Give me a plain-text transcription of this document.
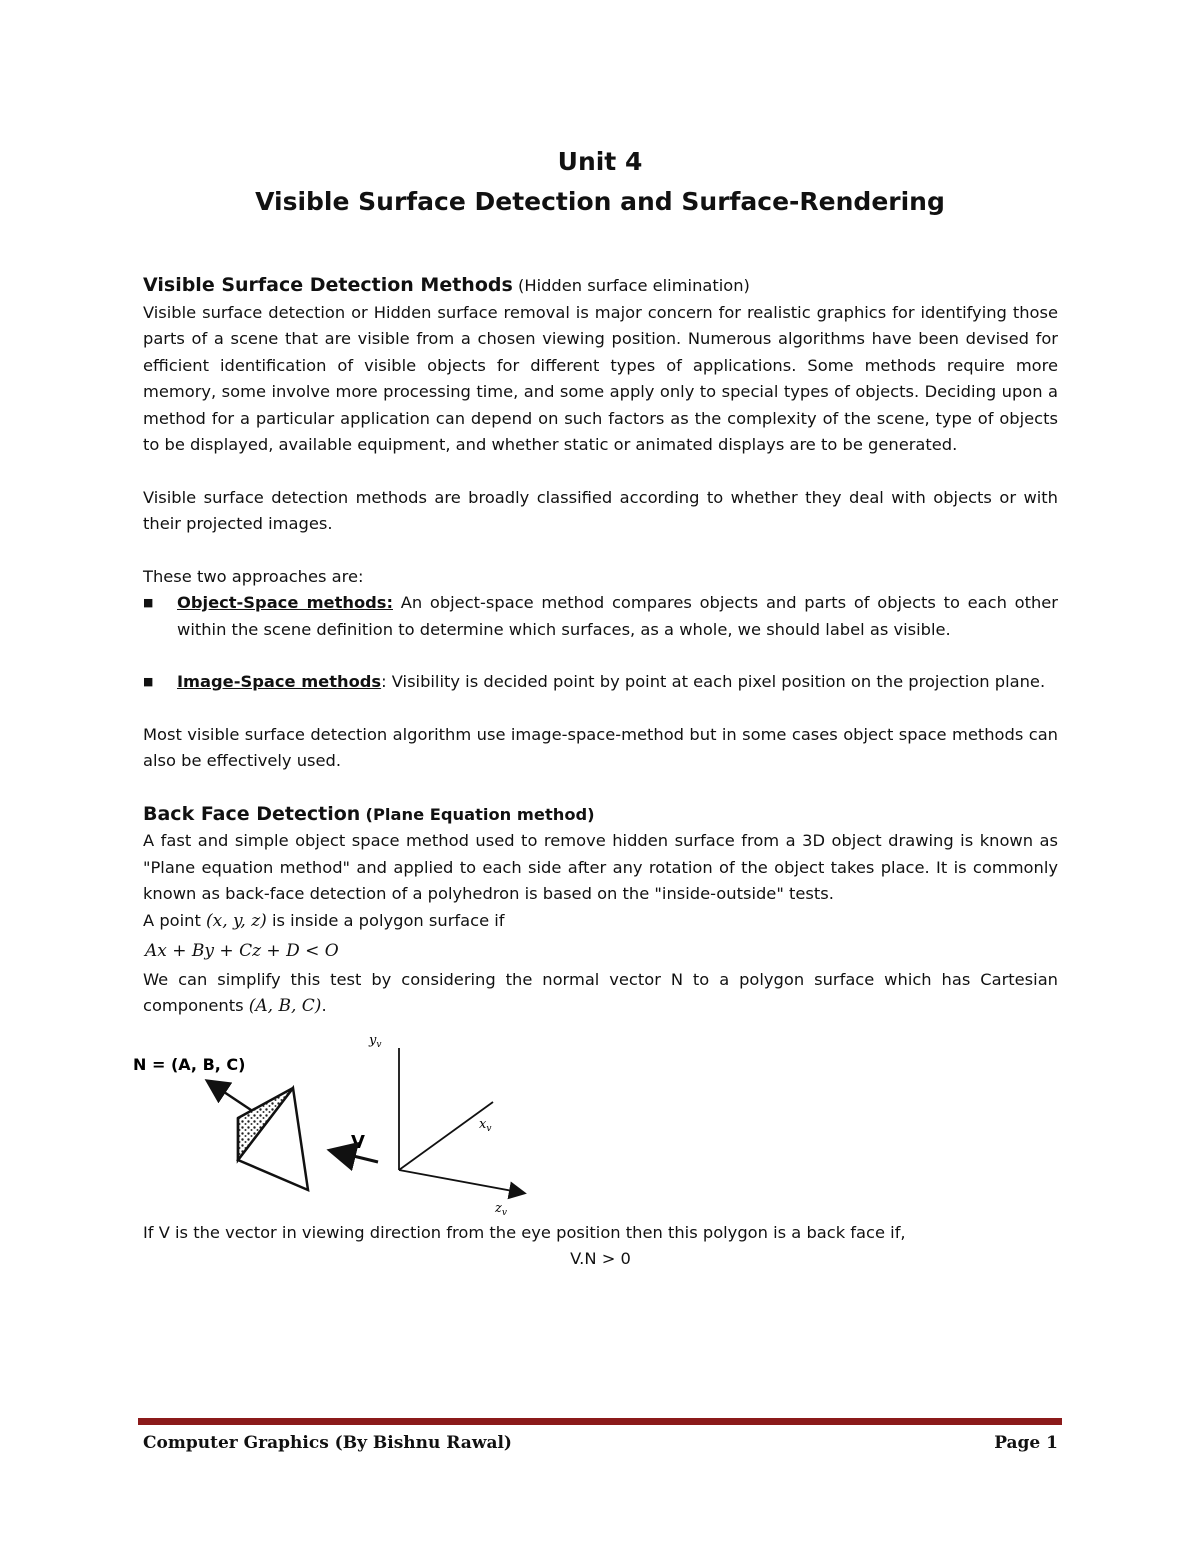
Unit 4
Visible Surface Detection and Surface-Rendering

Visible Surface Detection Methods (Hidden surface elimination)

Visible surface detection or Hidden surface removal is major concern for realistic graphics for identifying those parts of a scene that are visible from a chosen viewing position. Numerous algorithms have been devised for efficient identification of visible objects for different types of applications. Some methods require more memory, some involve more processing time, and some apply only to special types of objects. Deciding upon a method for a particular application can depend on such factors as the complexity of the scene, type of objects to be displayed, available equipment, and whether static or animated displays are to be generated.

Visible surface detection methods are broadly classified according to whether they deal with objects or with their projected images.

These two approaches are:

■ Object-Space methods: An object-space method compares objects and parts of objects to each other within the scene definition to determine which surfaces, as a whole, we should label as visible.
■ Image-Space methods: Visibility is decided point by point at each pixel position on the projection plane.

Most visible surface detection algorithm use image-space-method but in some cases object space methods can also be effectively used.

Back Face Detection (Plane Equation method)

A fast and simple object space method used to remove hidden surface from a 3D object drawing is known as "Plane equation method" and applied to each side after any rotation of the object takes place. It is commonly known as back-face detection of a polyhedron is based on the "inside-outside" tests.

A point (x, y, z) is inside a polygon surface if

Ax + By + Cz + D < O

We can simplify this test by considering the normal vector N to a polygon surface which has Cartesian components (A, B, C).

N = (A, B, C)
V
$y_v$
$x_v$
$z_v$

If V is the vector in viewing direction from the eye position then this polygon is a back face if,

V.N > 0

Computer Graphics (By Bishnu Rawal)	Page 1
